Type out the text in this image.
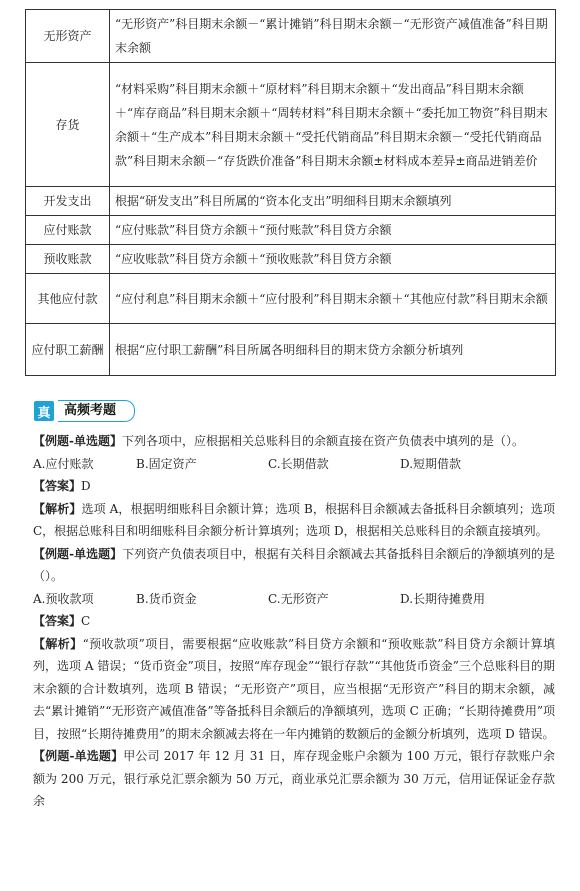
无形资产	“无形资产”科目期末余额－“累计摊销”科目期末余额－“无形资产减值准备”科目期末余额
存货	“材料采购”科目期末余额＋“原材料”科目期末余额＋“发出商品”科目期末余额＋“库存商品”科目期末余额＋“周转材料”科目期末余额＋“委托加工物资”科目期末余额＋“生产成本”科目期末余额＋“受托代销商品”科目期末余额－“受托代销商品款”科目期末余额－“存货跌价准备”科目期末余额±材料成本差异±商品进销差价
开发支出	根据“研发支出”科目所属的“资本化支出”明细科目期末余额填列
应付账款	“应付账款”科目贷方余额＋“预付账款”科目贷方余额
预收账款	“应收账款”科目贷方余额＋“预收账款”科目贷方余额
其他应付款	“应付利息”科目期末余额＋“应付股利”科目期末余额＋“其他应付款”科目期末余额
应付职工薪酬	根据“应付职工薪酬”科目所属各明细科目的期末贷方余额分析填列
真	高频考题

【例题-单选题】下列各项中，应根据相关总账科目的余额直接在资产负债表中填列的是（）。

A.应付账款	B.固定资产	C.长期借款	D.短期借款

【答案】D

【解析】选项 A，根据明细账科目余额计算；选项 B，根据科目余额减去备抵科目余额填列；选项 C，根据总账科目和明细账科目余额分析计算填列；选项 D，根据相关总账科目的余额直接填列。

【例题-单选题】下列资产负债表项目中，根据有关科目余额减去其备抵科目余额后的净额填列的是（）。

A.预收款项	B.货币资金	C.无形资产	D.长期待摊费用

【答案】C

【解析】“预收款项”项目，需要根据“应收账款”科目贷方余额和“预收账款”科目贷方余额计算填列，选项 A 错误；“货币资金”项目，按照“库存现金”“银行存款”“其他货币资金”三个总账科目的期末余额的合计数填列，选项 B 错误；“无形资产”项目，应当根据“无形资产”科目的期末余额，减去“累计摊销”“无形资产减值准备”等备抵科目余额后的净额填列，选项 C 正确；“长期待摊费用”项目，按照“长期待摊费用”的期末余额减去将在一年内摊销的数额后的金额分析填列，选项 D 错误。

【例题-单选题】甲公司 2017 年 12 月 31 日，库存现金账户余额为 100 万元，银行存款账户余额为 200 万元，银行承兑汇票余额为 50 万元，商业承兑汇票余额为 30 万元，信用证保证金存款余
